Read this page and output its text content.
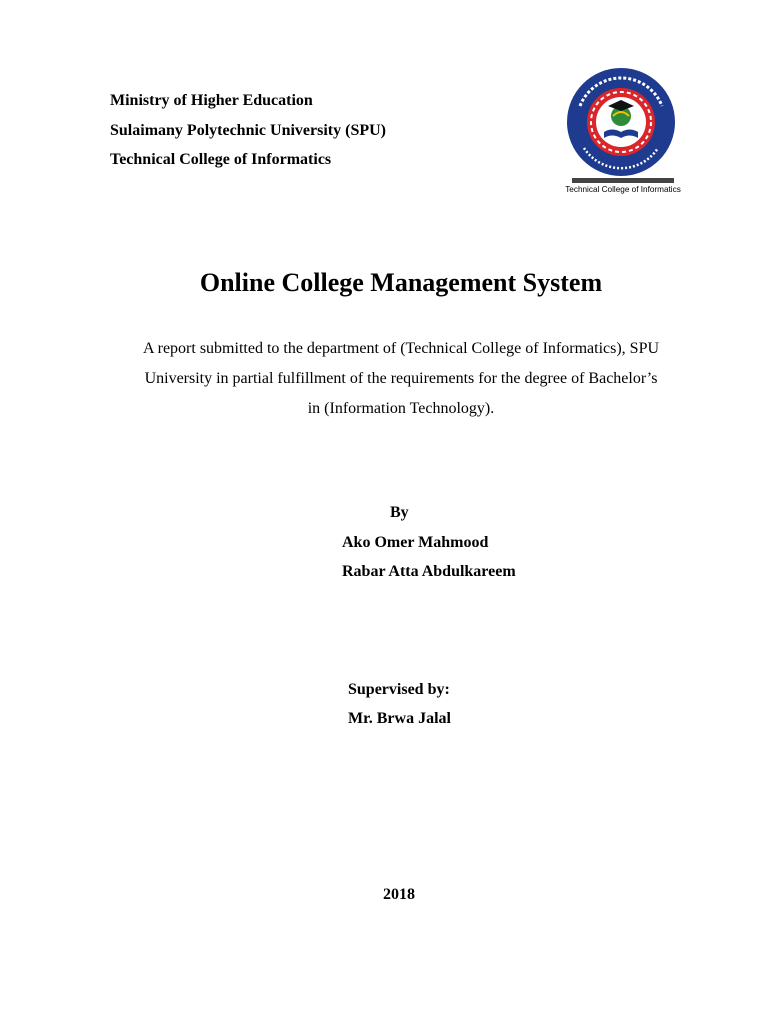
Ministry of Higher Education
Sulaimany Polytechnic University (SPU)
Technical College of Informatics
Technical College of Informatics
Online College Management System
A report submitted to the department of (Technical College of Informatics), SPU
University in partial fulfillment of the requirements for the degree of Bachelor’s
in (Information Technology).
By
Ako Omer Mahmood
Rabar Atta Abdulkareem
Supervised by:
Mr. Brwa Jalal
2018
